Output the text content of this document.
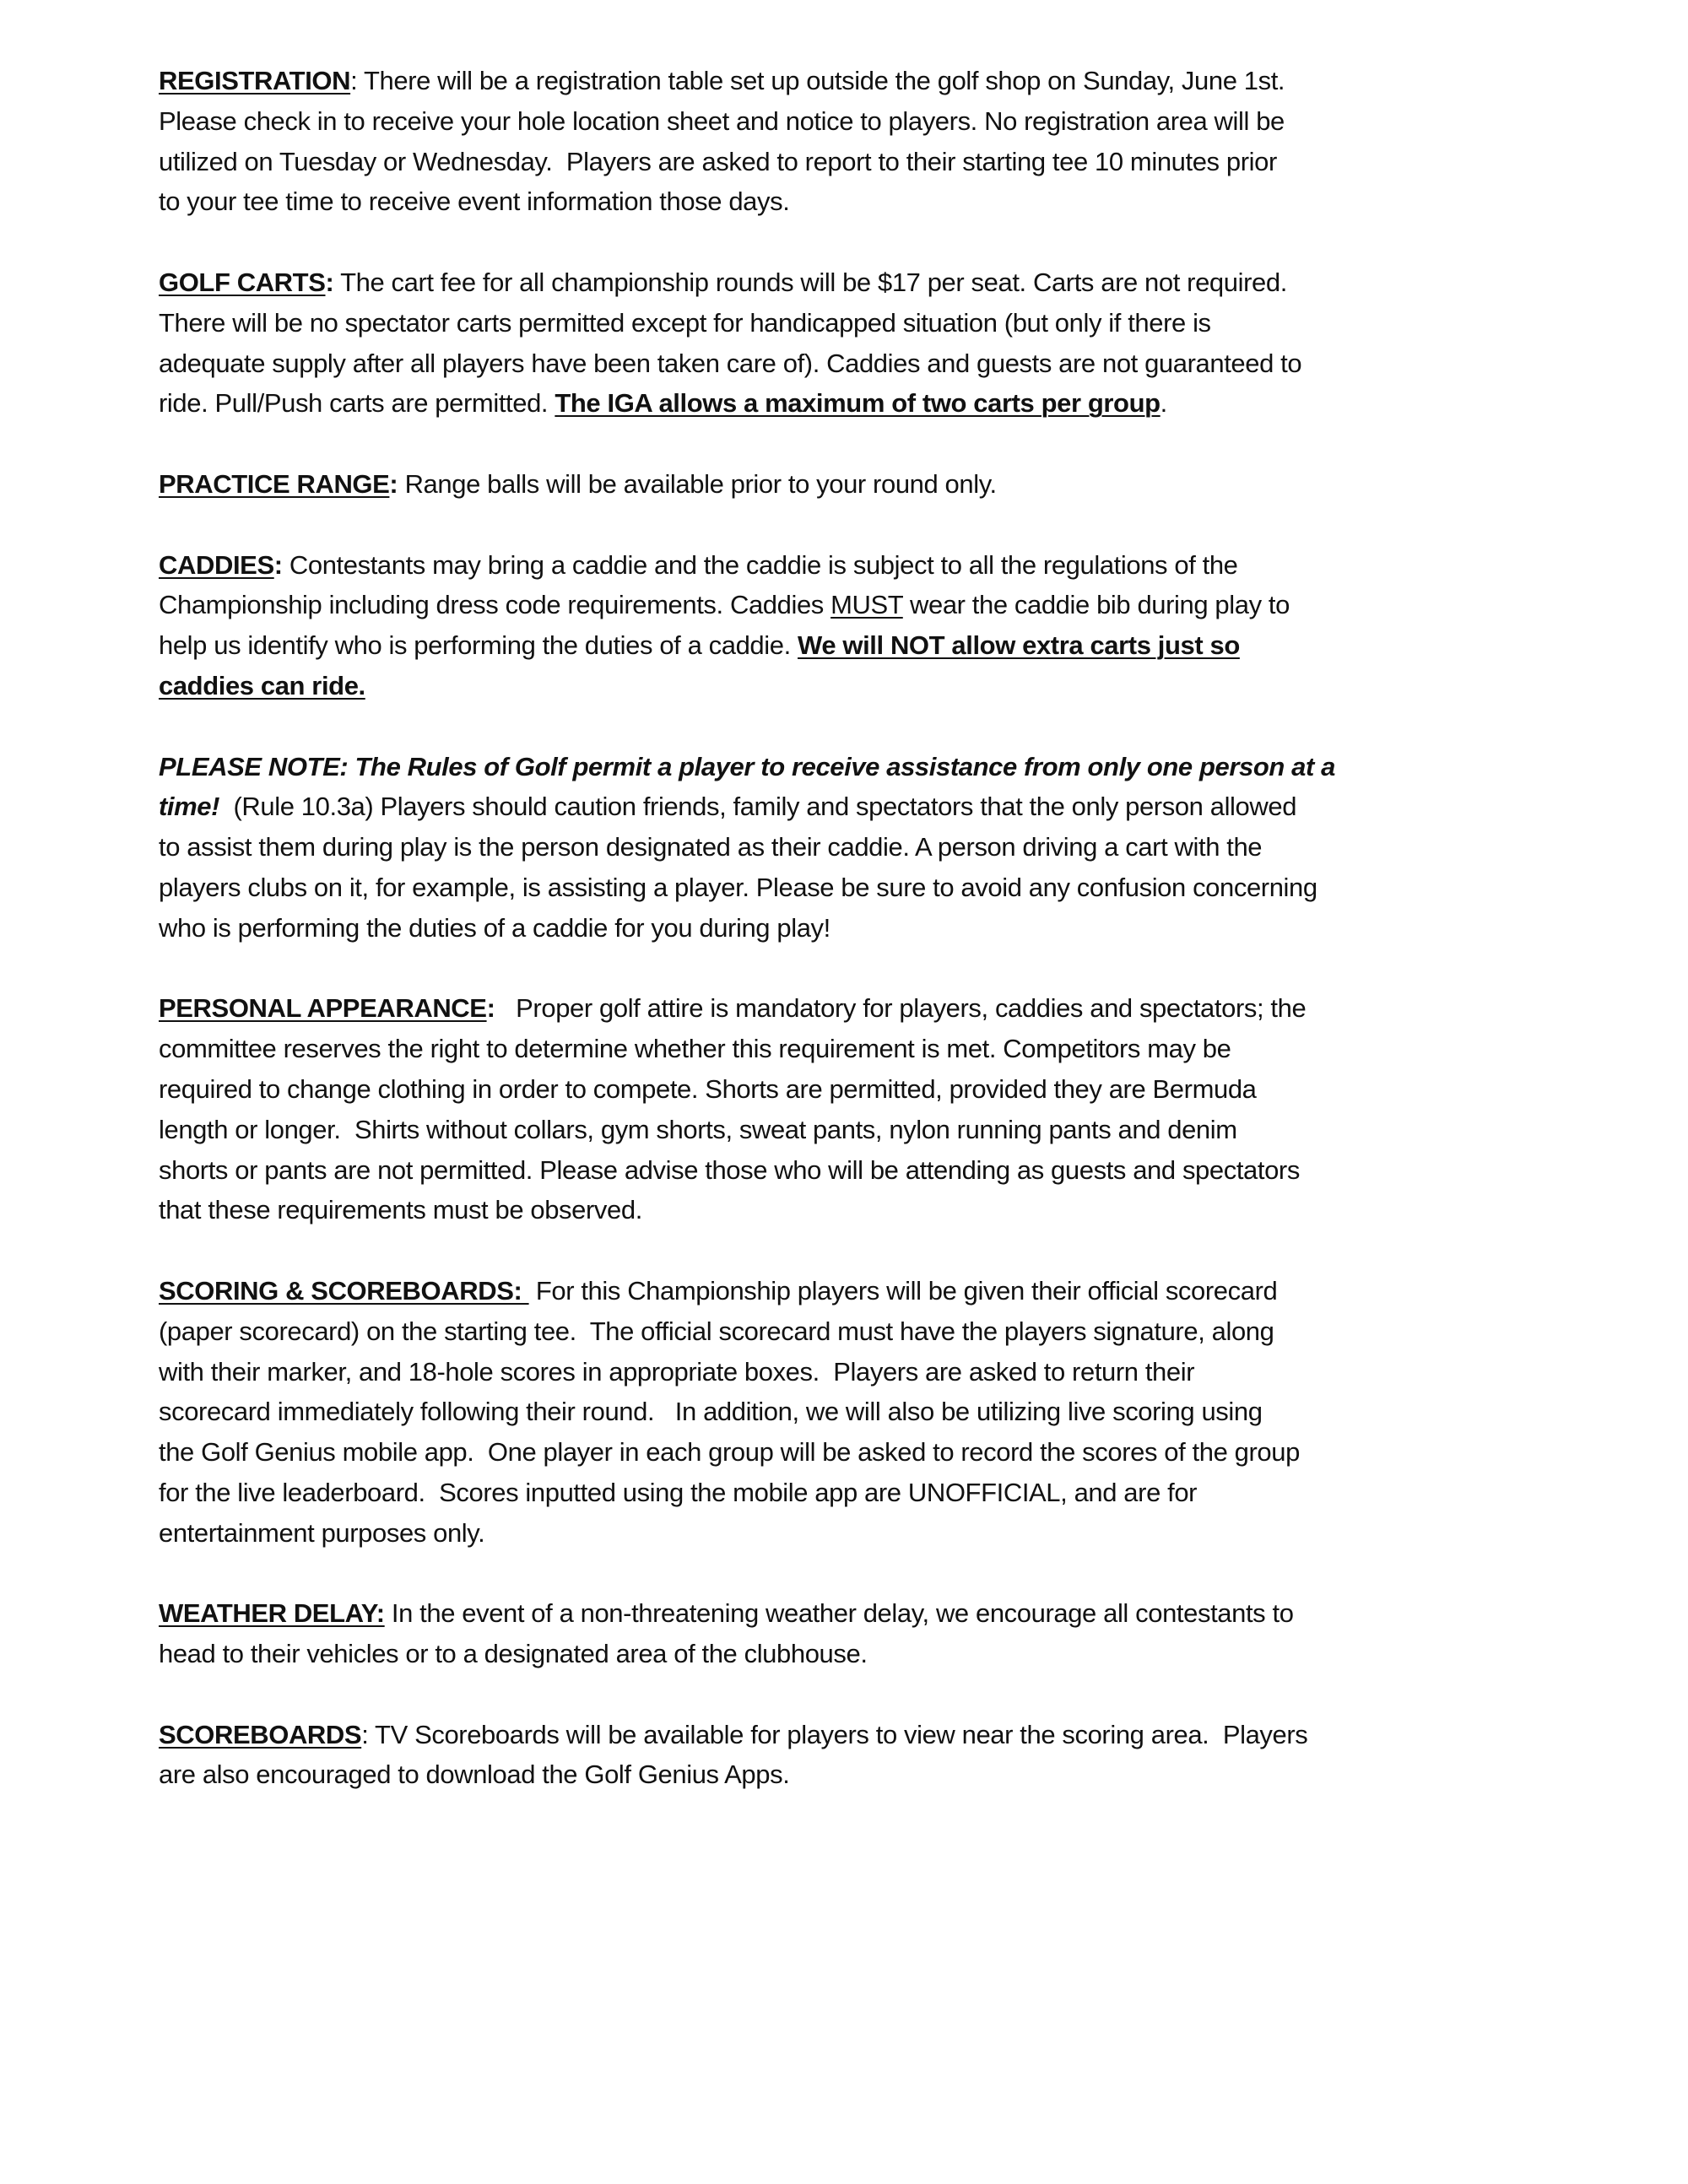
REGISTRATION: There will be a registration table set up outside the golf shop on Sunday, June 1st.
Please check in to receive your hole location sheet and notice to players. No registration area will be
utilized on Tuesday or Wednesday.  Players are asked to report to their starting tee 10 minutes prior
to your tee time to receive event information those days.
GOLF CARTS: The cart fee for all championship rounds will be $17 per seat. Carts are not required.
There will be no spectator carts permitted except for handicapped situation (but only if there is
adequate supply after all players have been taken care of). Caddies and guests are not guaranteed to
ride. Pull/Push carts are permitted. The IGA allows a maximum of two carts per group.
PRACTICE RANGE: Range balls will be available prior to your round only.
CADDIES: Contestants may bring a caddie and the caddie is subject to all the regulations of the
Championship including dress code requirements. Caddies MUST wear the caddie bib during play to
help us identify who is performing the duties of a caddie. We will NOT allow extra carts just so
caddies can ride.
PLEASE NOTE: The Rules of Golf permit a player to receive assistance from only one person at a
time!  (Rule 10.3a) Players should caution friends, family and spectators that the only person allowed
to assist them during play is the person designated as their caddie. A person driving a cart with the
players clubs on it, for example, is assisting a player. Please be sure to avoid any confusion concerning
who is performing the duties of a caddie for you during play!
PERSONAL APPEARANCE:   Proper golf attire is mandatory for players, caddies and spectators; the
committee reserves the right to determine whether this requirement is met. Competitors may be
required to change clothing in order to compete. Shorts are permitted, provided they are Bermuda
length or longer.  Shirts without collars, gym shorts, sweat pants, nylon running pants and denim
shorts or pants are not permitted. Please advise those who will be attending as guests and spectators
that these requirements must be observed.
SCORING & SCOREBOARDS:  For this Championship players will be given their official scorecard
(paper scorecard) on the starting tee.  The official scorecard must have the players signature, along
with their marker, and 18-hole scores in appropriate boxes.  Players are asked to return their
scorecard immediately following their round.   In addition, we will also be utilizing live scoring using
the Golf Genius mobile app.  One player in each group will be asked to record the scores of the group
for the live leaderboard.  Scores inputted using the mobile app are UNOFFICIAL, and are for
entertainment purposes only.
WEATHER DELAY: In the event of a non-threatening weather delay, we encourage all contestants to
head to their vehicles or to a designated area of the clubhouse.
SCOREBOARDS: TV Scoreboards will be available for players to view near the scoring area.  Players
are also encouraged to download the Golf Genius Apps.
